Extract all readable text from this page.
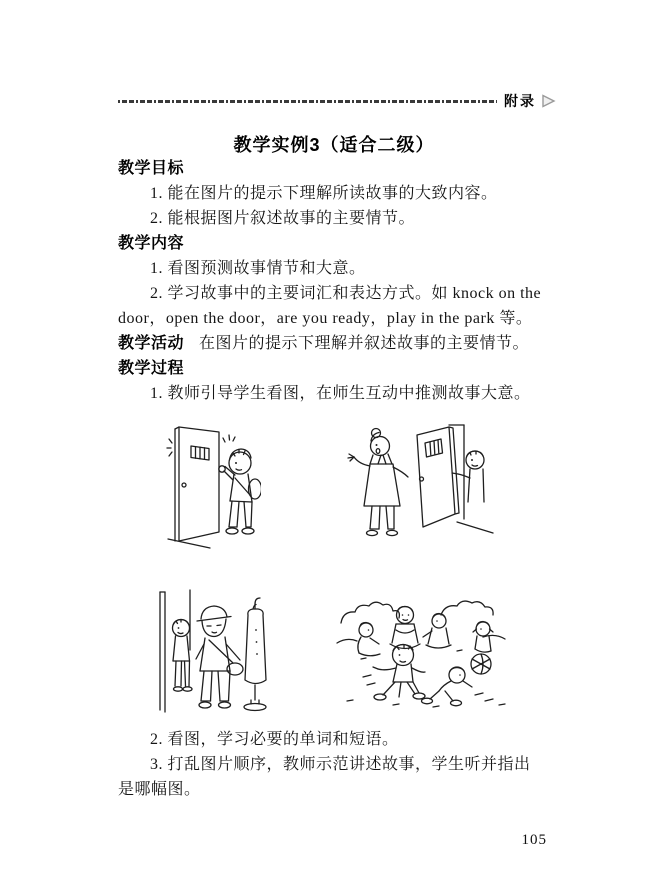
附录
教学实例3（适合二级）
教学目标
1. 能在图片的提示下理解所读故事的大致内容。
2. 能根据图片叙述故事的主要情节。
教学内容
1. 看图预测故事情节和大意。
2. 学习故事中的主要词汇和表达方式。如 knock on the
door，open the door，are you ready，play in the park 等。
教学活动 在图片的提示下理解并叙述故事的主要情节。
教学过程
1. 教师引导学生看图，在师生互动中推测故事大意。
2. 看图，学习必要的单词和短语。
3. 打乱图片顺序，教师示范讲述故事，学生听并指出
是哪幅图。
105
